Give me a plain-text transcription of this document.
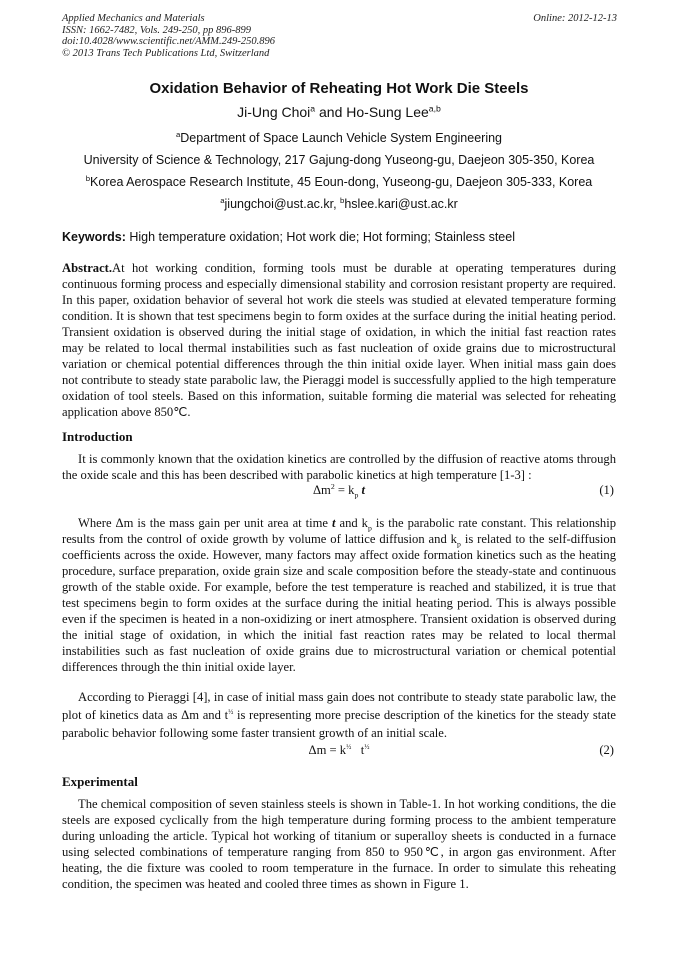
Applied Mechanics and Materials
ISSN: 1662-7482, Vols. 249-250, pp 896-899
doi:10.4028/www.scientific.net/AMM.249-250.896
© 2013 Trans Tech Publications Ltd, Switzerland
Online: 2012-12-13
Oxidation Behavior of Reheating Hot Work Die Steels
Ji-Ung Choi$^a$ and Ho-Sung Lee$^{a,b}$
$^a$Department of Space Launch Vehicle System Engineering
University of Science & Technology, 217 Gajung-dong Yuseong-gu, Daejeon 305-350, Korea
$^b$Korea Aerospace Research Institute, 45 Eoun-dong, Yuseong-gu, Daejeon 305-333, Korea
$^a$jiungchoi@ust.ac.kr, $^b$hslee.kari@ust.ac.kr
Keywords: High temperature oxidation; Hot work die; Hot forming; Stainless steel
Abstract.At hot working condition, forming tools must be durable at operating temperatures during continuous forming process and especially dimensional stability and corrosion resistant property are required. In this paper, oxidation behavior of several hot work die steels was studied at elevated temperature forming condition. It is shown that test specimens begin to form oxides at the surface during the initial heating period. Transient oxidation is observed during the initial stage of oxidation, in which the initial fast reaction rates may be related to local thermal instabilities such as fast nucleation of oxide grains due to microstructural variation or chemical potential differences through the thin initial oxide layer. When initial mass gain does not contribute to steady state parabolic law, the Pieraggi model is successfully applied to the high temperature oxidation of tool steels. Based on this information, suitable forming die material was selected for reheating application above 850℃.
Introduction
It is commonly known that the oxidation kinetics are controlled by the diffusion of reactive atoms through the oxide scale and this has been described with parabolic kinetics at high temperature [1-3] :
$\Delta m^2 = k_p$ t	(1)
Where Δm is the mass gain per unit area at time t and $k_p$ is the parabolic rate constant. This relationship results from the control of oxide growth by volume of lattice diffusion and $k_p$ is related to the self-diffusion coefficients across the oxide. However, many factors may affect oxide formation kinetics such as the heating procedure, surface preparation, oxide grain size and scale composition before the steady-state and continuous growth of the stable oxide. For example, before the test temperature is reached and stabilized, it is true that test specimens begin to form oxides at the surface during the initial heating period. This is always possible even if the specimen is heated in a non-oxidizing or inert atmosphere. Transient oxidation is observed during the initial stage of oxidation, in which the initial fast reaction rates may be related to local thermal instabilities such as fast nucleation of oxide grains due to microstructural variation or chemical potential differences through the thin initial oxide layer.
According to Pieraggi [4], in case of initial mass gain does not contribute to steady state parabolic law, the plot of kinetics data as Δm and $t^{\frac{1}{2}}$ is representing more precise description of the kinetics for the steady state parabolic behavior following some faster transient growth of an initial scale.
$\Delta m = k^{\frac{1}{2}}$ $t^{\frac{1}{2}}$	(2)
Experimental
The chemical composition of seven stainless steels is shown in Table-1. In hot working conditions, the die steels are exposed cyclically from the high temperature during forming process to the ambient temperature during unloading the article. Typical hot working of titanium or superalloy sheets is conducted in a furnace using selected combinations of temperature ranging from 850 to 950℃, in argon gas environment. After heating, the die fixture was cooled to room temperature in the furnace. In order to simulate this reheating condition, the specimen was heated and cooled three times as shown in Figure 1.
